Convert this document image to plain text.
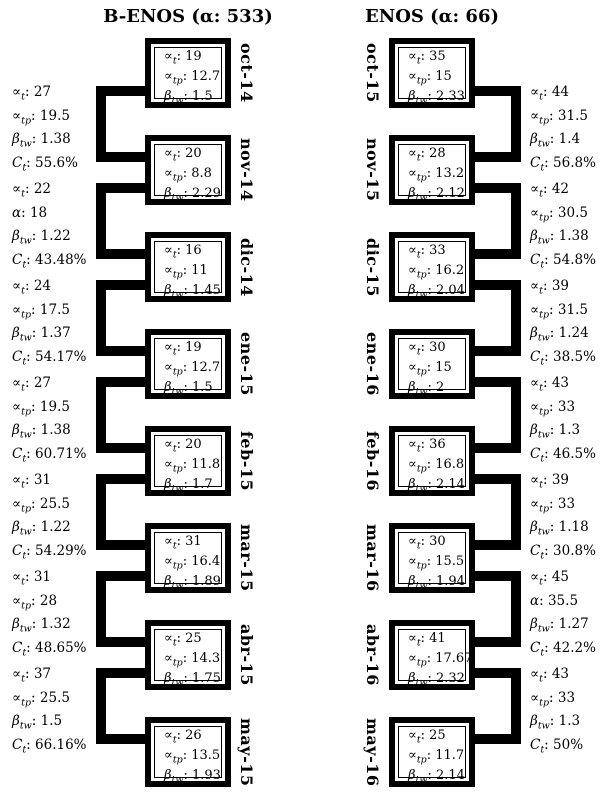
B-ENOS (α: 533)
$\propto_t$: 19
$\propto_{tp}$: 12.7
$\beta_{tw}$: 1.5	oct-14
$\propto_t$: 20
$\propto_{tp}$: 8.8
$\beta_{tw}$: 2.29 nov-14
$\propto_t$: 16
$\propto_{tp}$: 11
$\beta_{tw}$: 1.45 dic-14
$\propto_t$: 19
$\propto_{tp}$: 12.7
$\beta_{tw}$: 1.5	ene-15
$\propto_t$: 20
$\propto_{tp}$: 11.8
$\beta_{tw}$: 1.7	feb-15
$\propto_t$: 31
$\propto_{tp}$: 16.4
$\beta_{tw}$: 1.89 mar-15
$\propto_t$: 25
$\propto_{tp}$: 14.3
$\beta_{tw}$: 1.75 abr-15
$\propto_t$: 26
$\propto_{tp}$: 13.5
$\beta_{tw}$: 1.93 may-15
$\propto_t$: 27
$\propto_{tp}$: 19.5
$\beta_{tw}$: 1.38
$C_t$: 55.6%
$\propto_t$: 22
α: 18
$\beta_{tw}$: 1.22
$C_t$: 43.48%
$\propto_t$: 24
$\propto_{tp}$: 17.5
$\beta_{tw}$: 1.37
$C_t$: 54.17%
$\propto_t$: 27
$\propto_{tp}$: 19.5
$\beta_{tw}$: 1.38
$C_t$: 60.71%
$\propto_t$: 31
$\propto_{tp}$: 25.5
$\beta_{tw}$: 1.22
$C_t$: 54.29%
$\propto_t$: 31
$\propto_{tp}$: 28
$\beta_{tw}$: 1.32
$C_t$: 48.65%
$\propto_t$: 37
$\propto_{tp}$: 25.5
$\beta_{tw}$: 1.5
$C_t$: 66.16%
ENOS (α: 66)
$\propto_t$: 35
$\propto_{tp}$: 15
$\beta_{tw}$: 2.33
oct-15
$\propto_t$: 28
$\propto_{tp}$: 13.2
$\beta_{tw}$: 2.12
nov-15
$\propto_t$: 33
$\propto_{tp}$: 16.2
$\beta_{tw}$: 2.04
dic-15
$\propto_t$: 30
$\propto_{tp}$: 15
$\beta_{tw}$: 2
ene-16
$\propto_t$: 36
$\propto_{tp}$: 16.8
$\beta_{tw}$: 2.14
feb-16
$\propto_t$: 30
$\propto_{tp}$: 15.5
$\beta_{tw}$: 1.94
mar-16
$\propto_t$: 41
$\propto_{tp}$: 17.67
$\beta_{tw}$: 2.32
abr-16
$\propto_t$: 25
$\propto_{tp}$: 11.7
$\beta_{tw}$: 2.14
may-16
$\propto_t$: 44
$\propto_{tp}$: 31.5
$\beta_{tw}$: 1.4
$C_t$: 56.8%
$\propto_t$: 42
$\propto_{tp}$: 30.5
$\beta_{tw}$: 1.38
$C_t$: 54.8%
$\propto_t$: 39
$\propto_{tp}$: 31.5
$\beta_{tw}$: 1.24
$C_t$: 38.5%
$\propto_t$: 43
$\propto_{tp}$: 33
$\beta_{tw}$: 1.3
$C_t$: 46.5%
$\propto_t$: 39
$\propto_{tp}$: 33
$\beta_{tw}$: 1.18
$C_t$: 30.8%
$\propto_t$: 45
α: 35.5
$\beta_{tw}$: 1.27
$C_t$: 42.2%
$\propto_t$: 43
$\propto_{tp}$: 33
$\beta_{tw}$: 1.3
$C_t$: 50%
